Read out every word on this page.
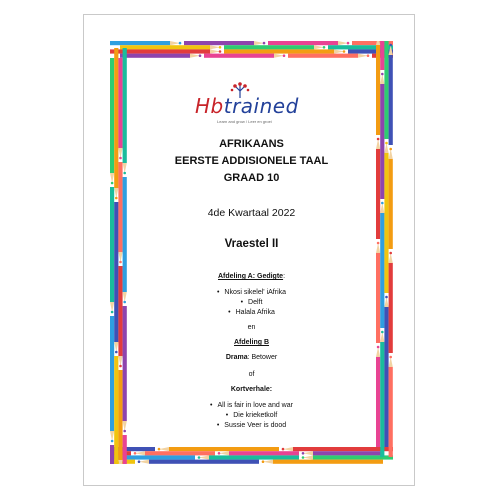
Hbtrained
Learn and grow / Leer en groei
AFRIKAANS
EERSTE ADDISIONELE TAAL
GRAAD 10
4de Kwartaal 2022
Vraestel II
Afdeling A: Gedigte:
• Nkosi sikelel' iAfrika
• Delft
• Halala Afrika
en
Afdeling B
Drama: Betower
of
Kortverhale:
• All is fair in love and war
• Die krieketkolf
• Sussie Veer is dood
